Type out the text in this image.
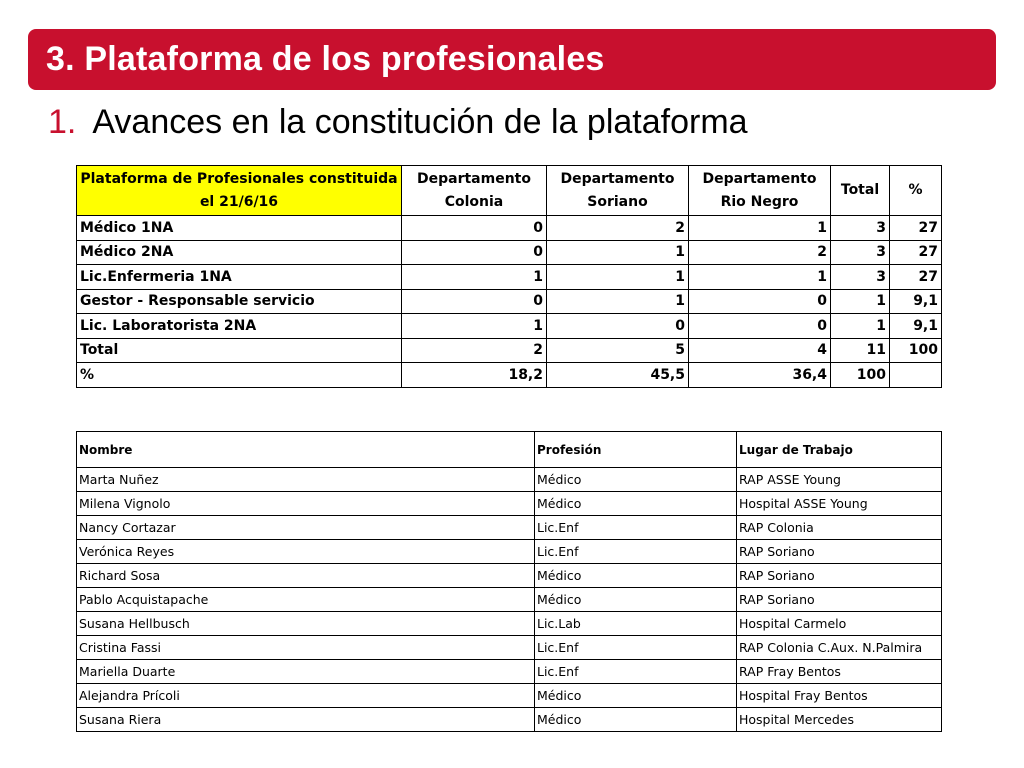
3. Plataforma de los profesionales
1. Avances en la constitución de la plataforma
Plataforma de Profesionales constituida el 21/6/16	Departamento Colonia	Departamento Soriano	Departamento Rio Negro	Total	%
Médico 1NA	0	2	1	3	27
Médico 2NA	0	1	2	3	27
Lic.Enfermeria 1NA	1	1	1	3	27
Gestor - Responsable servicio	0	1	0	1	9,1
Lic. Laboratorista 2NA	1	0	0	1	9,1
Total	2	5	4	11	100
%	18,2	45,5	36,4	100	
Nombre	Profesión	Lugar de Trabajo
Marta Nuñez	Médico	RAP ASSE Young
Milena Vignolo	Médico	Hospital ASSE Young
Nancy Cortazar	Lic.Enf	RAP Colonia
Verónica Reyes	Lic.Enf	RAP Soriano
Richard Sosa	Médico	RAP Soriano
Pablo Acquistapache	Médico	RAP Soriano
Susana Hellbusch	Lic.Lab	Hospital Carmelo
Cristina Fassi	Lic.Enf	RAP Colonia C.Aux. N.Palmira
Mariella Duarte	Lic.Enf	RAP Fray Bentos
Alejandra Prícoli	Médico	Hospital Fray Bentos
Susana Riera	Médico	Hospital Mercedes
